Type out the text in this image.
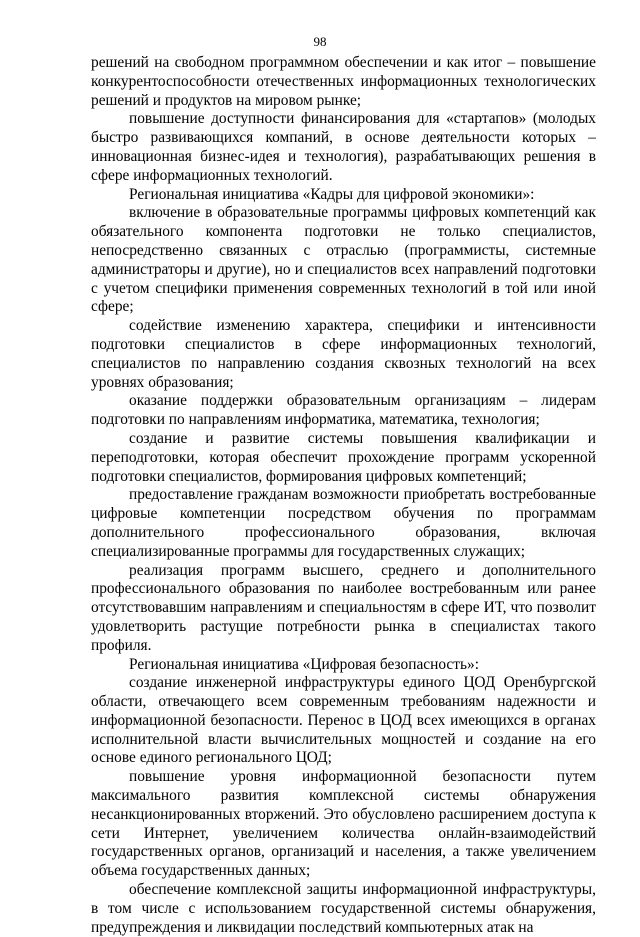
98

решений на свободном программном обеспечении и как итог – повышение конкурентоспособности отечественных информационных технологических решений и продуктов на мировом рынке;

повышение доступности финансирования для «стартапов» (молодых быстро развивающихся компаний, в основе деятельности которых – инновационная бизнес-идея и технология), разрабатывающих решения в сфере информационных технологий.

Региональная инициатива «Кадры для цифровой экономики»:

включение в образовательные программы цифровых компетенций как обязательного компонента подготовки не только специалистов, непосредственно связанных с отраслью (программисты, системные администраторы и другие), но и специалистов всех направлений подготовки с учетом специфики применения современных технологий в той или иной сфере;

содействие изменению характера, специфики и интенсивности подготовки специалистов в сфере информационных технологий, специалистов по направлению создания сквозных технологий на всех уровнях образования;

оказание поддержки образовательным организациям – лидерам подготовки по направлениям информатика, математика, технология;

создание и развитие системы повышения квалификации и переподготовки, которая обеспечит прохождение программ ускоренной подготовки специалистов, формирования цифровых компетенций;

предоставление гражданам возможности приобретать востребованные цифровые компетенции посредством обучения по программам дополнительного профессионального образования, включая специализированные программы для государственных служащих;

реализация программ высшего, среднего и дополнительного профессионального образования по наиболее востребованным или ранее отсутствовавшим направлениям и специальностям в сфере ИТ, что позволит удовлетворить растущие потребности рынка в специалистах такого профиля.

Региональная инициатива «Цифровая безопасность»:

создание инженерной инфраструктуры единого ЦОД Оренбургской области, отвечающего всем современным требованиям надежности и информационной безопасности. Перенос в ЦОД всех имеющихся в органах исполнительной власти вычислительных мощностей и создание на его основе единого регионального ЦОД;

повышение уровня информационной безопасности путем максимального развития комплексной системы обнаружения несанкционированных вторжений. Это обусловлено расширением доступа к сети Интернет, увеличением количества онлайн-взаимодействий государственных органов, организаций и населения, а также увеличением объема государственных данных;

обеспечение комплексной защиты информационной инфраструктуры, в том числе с использованием государственной системы обнаружения, предупреждения и ликвидации последствий компьютерных атак на
